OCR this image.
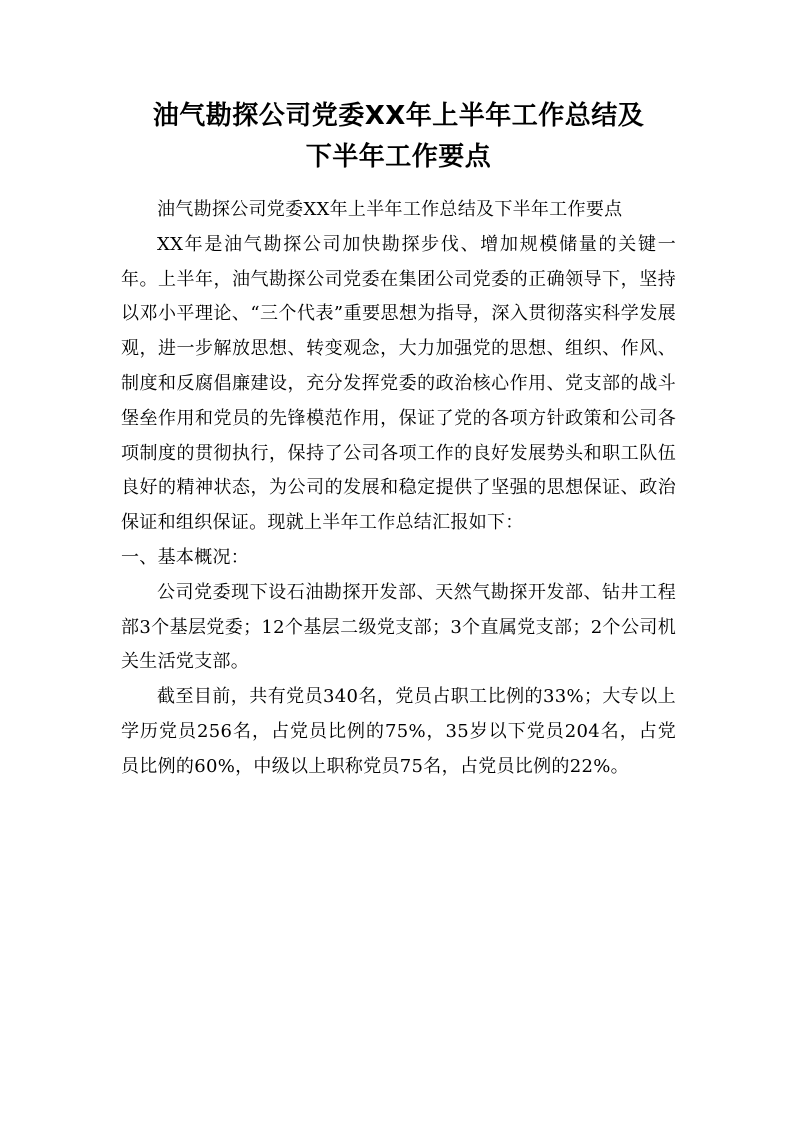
油气勘探公司党委XX年上半年工作总结及
下半年工作要点

油气勘探公司党委XX年上半年工作总结及下半年工作要点

XX年是油气勘探公司加快勘探步伐、增加规模储量的关键一年。上半年，油气勘探公司党委在集团公司党委的正确领导下，坚持以邓小平理论、“三个代表”重要思想为指导，深入贯彻落实科学发展观，进一步解放思想、转变观念，大力加强党的思想、组织、作风、制度和反腐倡廉建设，充分发挥党委的政治核心作用、党支部的战斗堡垒作用和党员的先锋模范作用，保证了党的各项方针政策和公司各项制度的贯彻执行，保持了公司各项工作的良好发展势头和职工队伍良好的精神状态，为公司的发展和稳定提供了坚强的思想保证、政治保证和组织保证。现就上半年工作总结汇报如下：

一、基本概况：

公司党委现下设石油勘探开发部、天然气勘探开发部、钻井工程部3个基层党委；12个基层二级党支部；3个直属党支部；2个公司机关生活党支部。

截至目前，共有党员340名，党员占职工比例的33%；大专以上学历党员256名，占党员比例的75%，35岁以下党员204名，占党员比例的60%，中级以上职称党员75名，占党员比例的22%。
